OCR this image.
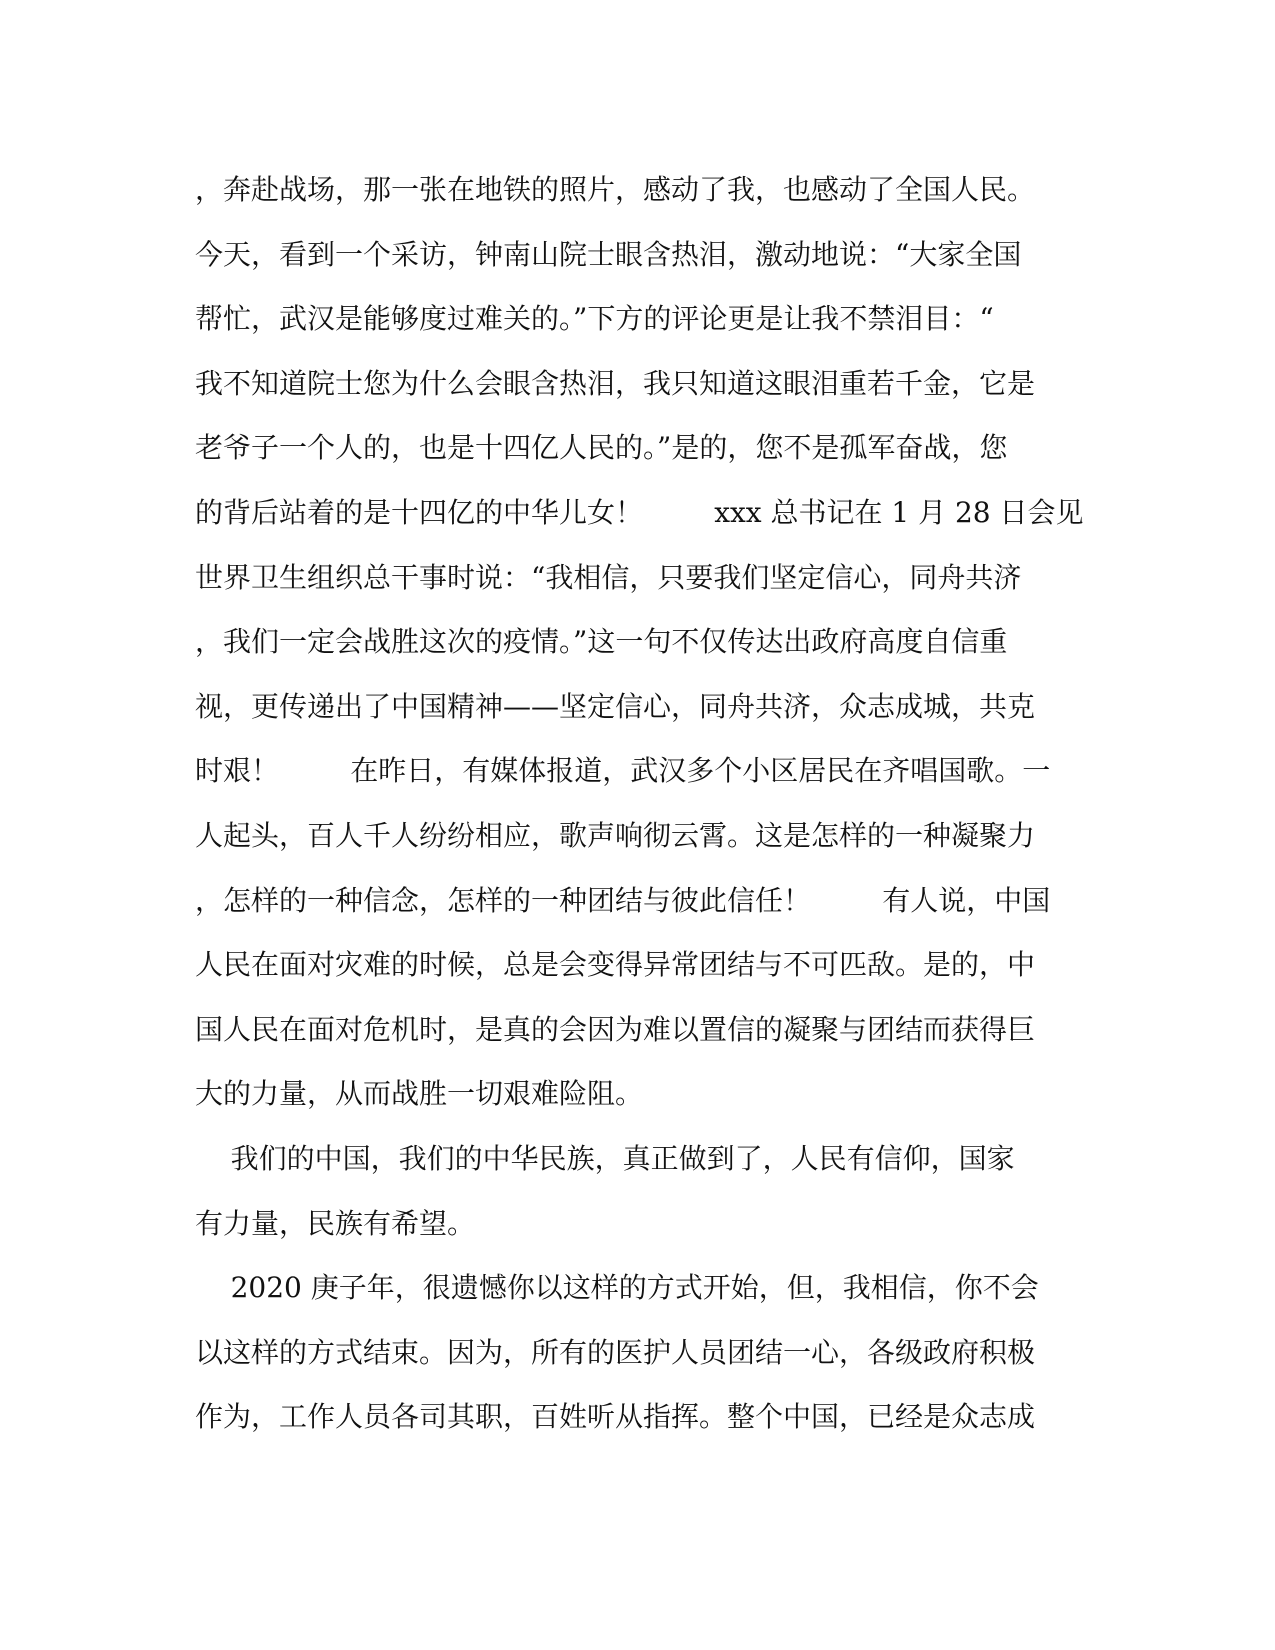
，奔赴战场，那一张在地铁的照片，感动了我，也感动了全国人民。
今天，看到一个采访，钟南山院士眼含热泪，激动地说：“大家全国
帮忙，武汉是能够度过难关的。”下方的评论更是让我不禁泪目：“
我不知道院士您为什么会眼含热泪，我只知道这眼泪重若千金，它是
老爷子一个人的，也是十四亿人民的。”是的，您不是孤军奋战，您
的背后站着的是十四亿的中华儿女！        xxx 总书记在 1 月 28 日会见
世界卫生组织总干事时说：“我相信，只要我们坚定信心，同舟共济
，我们一定会战胜这次的疫情。”这一句不仅传达出政府高度自信重
视，更传递出了中国精神——坚定信心，同舟共济，众志成城，共克
时艰！        在昨日，有媒体报道，武汉多个小区居民在齐唱国歌。一
人起头，百人千人纷纷相应，歌声响彻云霄。这是怎样的一种凝聚力
，怎样的一种信念，怎样的一种团结与彼此信任！        有人说，中国
人民在面对灾难的时候，总是会变得异常团结与不可匹敌。是的，中
国人民在面对危机时，是真的会因为难以置信的凝聚与团结而获得巨
大的力量，从而战胜一切艰难险阻。
我们的中国，我们的中华民族，真正做到了，人民有信仰，国家
有力量，民族有希望。
2020 庚子年，很遗憾你以这样的方式开始，但，我相信，你不会
以这样的方式结束。因为，所有的医护人员团结一心，各级政府积极
作为，工作人员各司其职，百姓听从指挥。整个中国，已经是众志成
